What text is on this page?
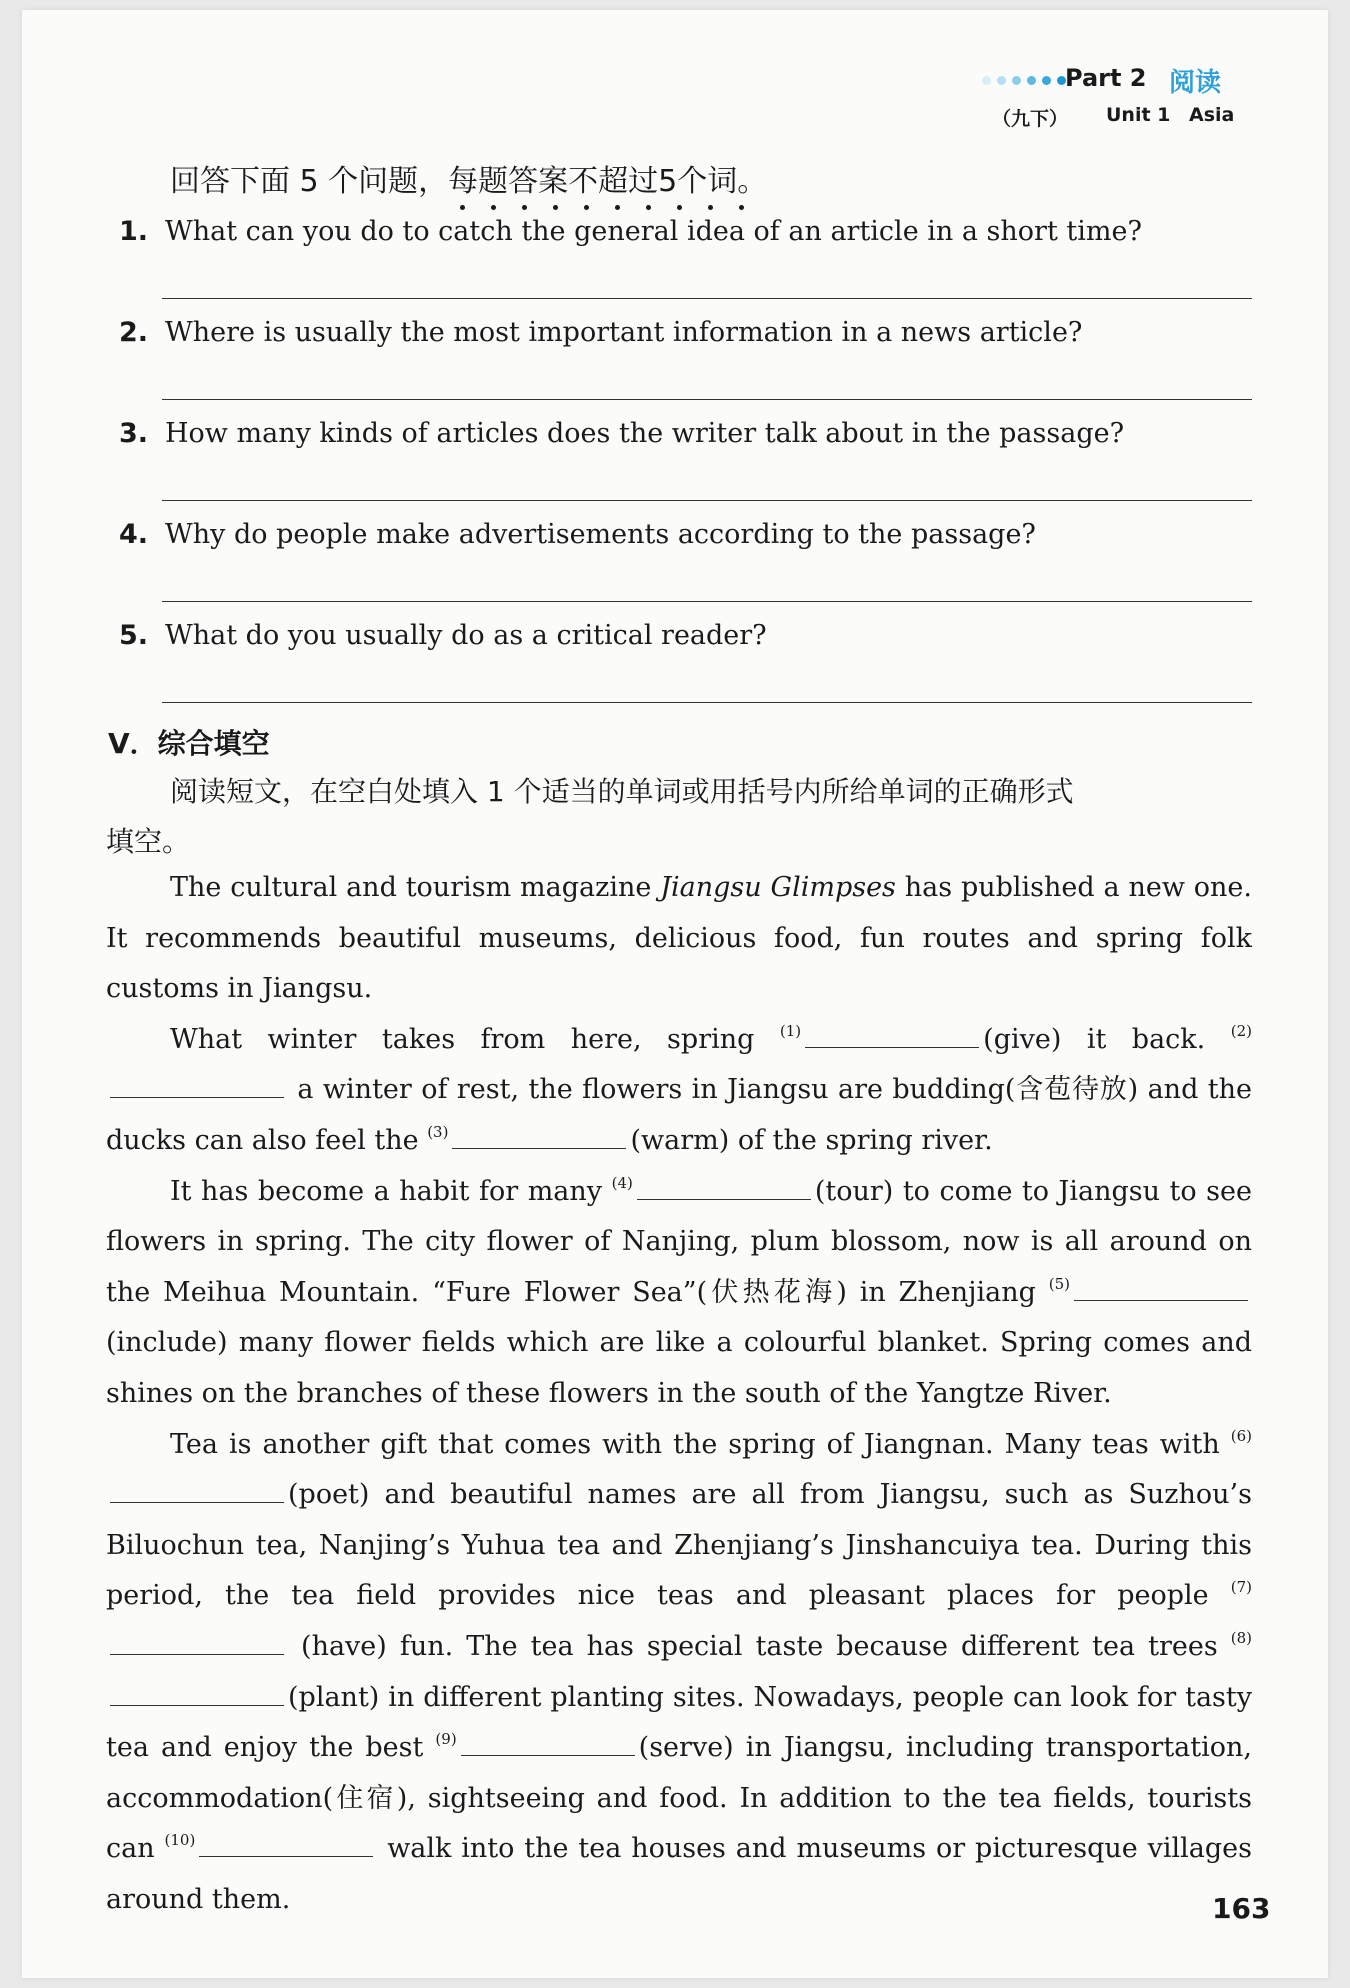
Part 2 阅读
（九下） Unit 1 Asia
回答下面 5 个问题，每题答案不超过5个词
。
1. What can you do to catch the general idea of an article in a short time?
2. Where is usually the most important information in a news article?
3. How many kinds of articles does the writer talk about in the passage?
4. Why do people make advertisements according to the passage?
5. What do you usually do as a critical reader?
V．综合填空
阅读短文，在空白处填入 1 个适当的单词或用括号内所给单词的正确形式
填空。

The cultural and tourism magazine Jiangsu Glimpses has published a new one. It recommends beautiful museums, delicious food, fun routes and spring folk customs in Jiangsu.

What winter takes from here, spring $^{(1)}$	(give) it back. $^{(2)}$ a winter of rest, the flowers in Jiangsu are budding(含苞待放) and the ducks can also feel the $^{(3)}$	(warm) of the spring river.

It has become a habit for many $^{(4)}$	(tour) to come to Jiangsu to see flowers in spring. The city flower of Nanjing, plum blossom, now is all around on the Meihua Mountain. “Fure Flower Sea”(伏热花海) in Zhenjiang $^{(5)}$ (include) many flower fields which are like a colourful blanket. Spring comes and shines on the branches of these flowers in the south of the Yangtze River.

Tea is another gift that comes with the spring of Jiangnan. Many teas with $^{(6)}$(poet) and beautiful names are all from Jiangsu, such as Suzhou’s Biluochun tea, Nanjing’s Yuhua tea and Zhenjiang’s Jinshancuiya tea. During this period, the tea field provides nice teas and pleasant places for people $^{(7)}$ (have) fun. The tea has special taste because different tea trees $^{(8)}$(plant) in different planting sites. Nowadays, people can look for tasty tea and enjoy the best $^{(9)}$	(serve) in Jiangsu, including transportation, accommodation(住宿), sightseeing and food. In addition to the tea fields, tourists can $^{(10)}$	walk into the tea houses and museums or picturesque villages around them.	163
